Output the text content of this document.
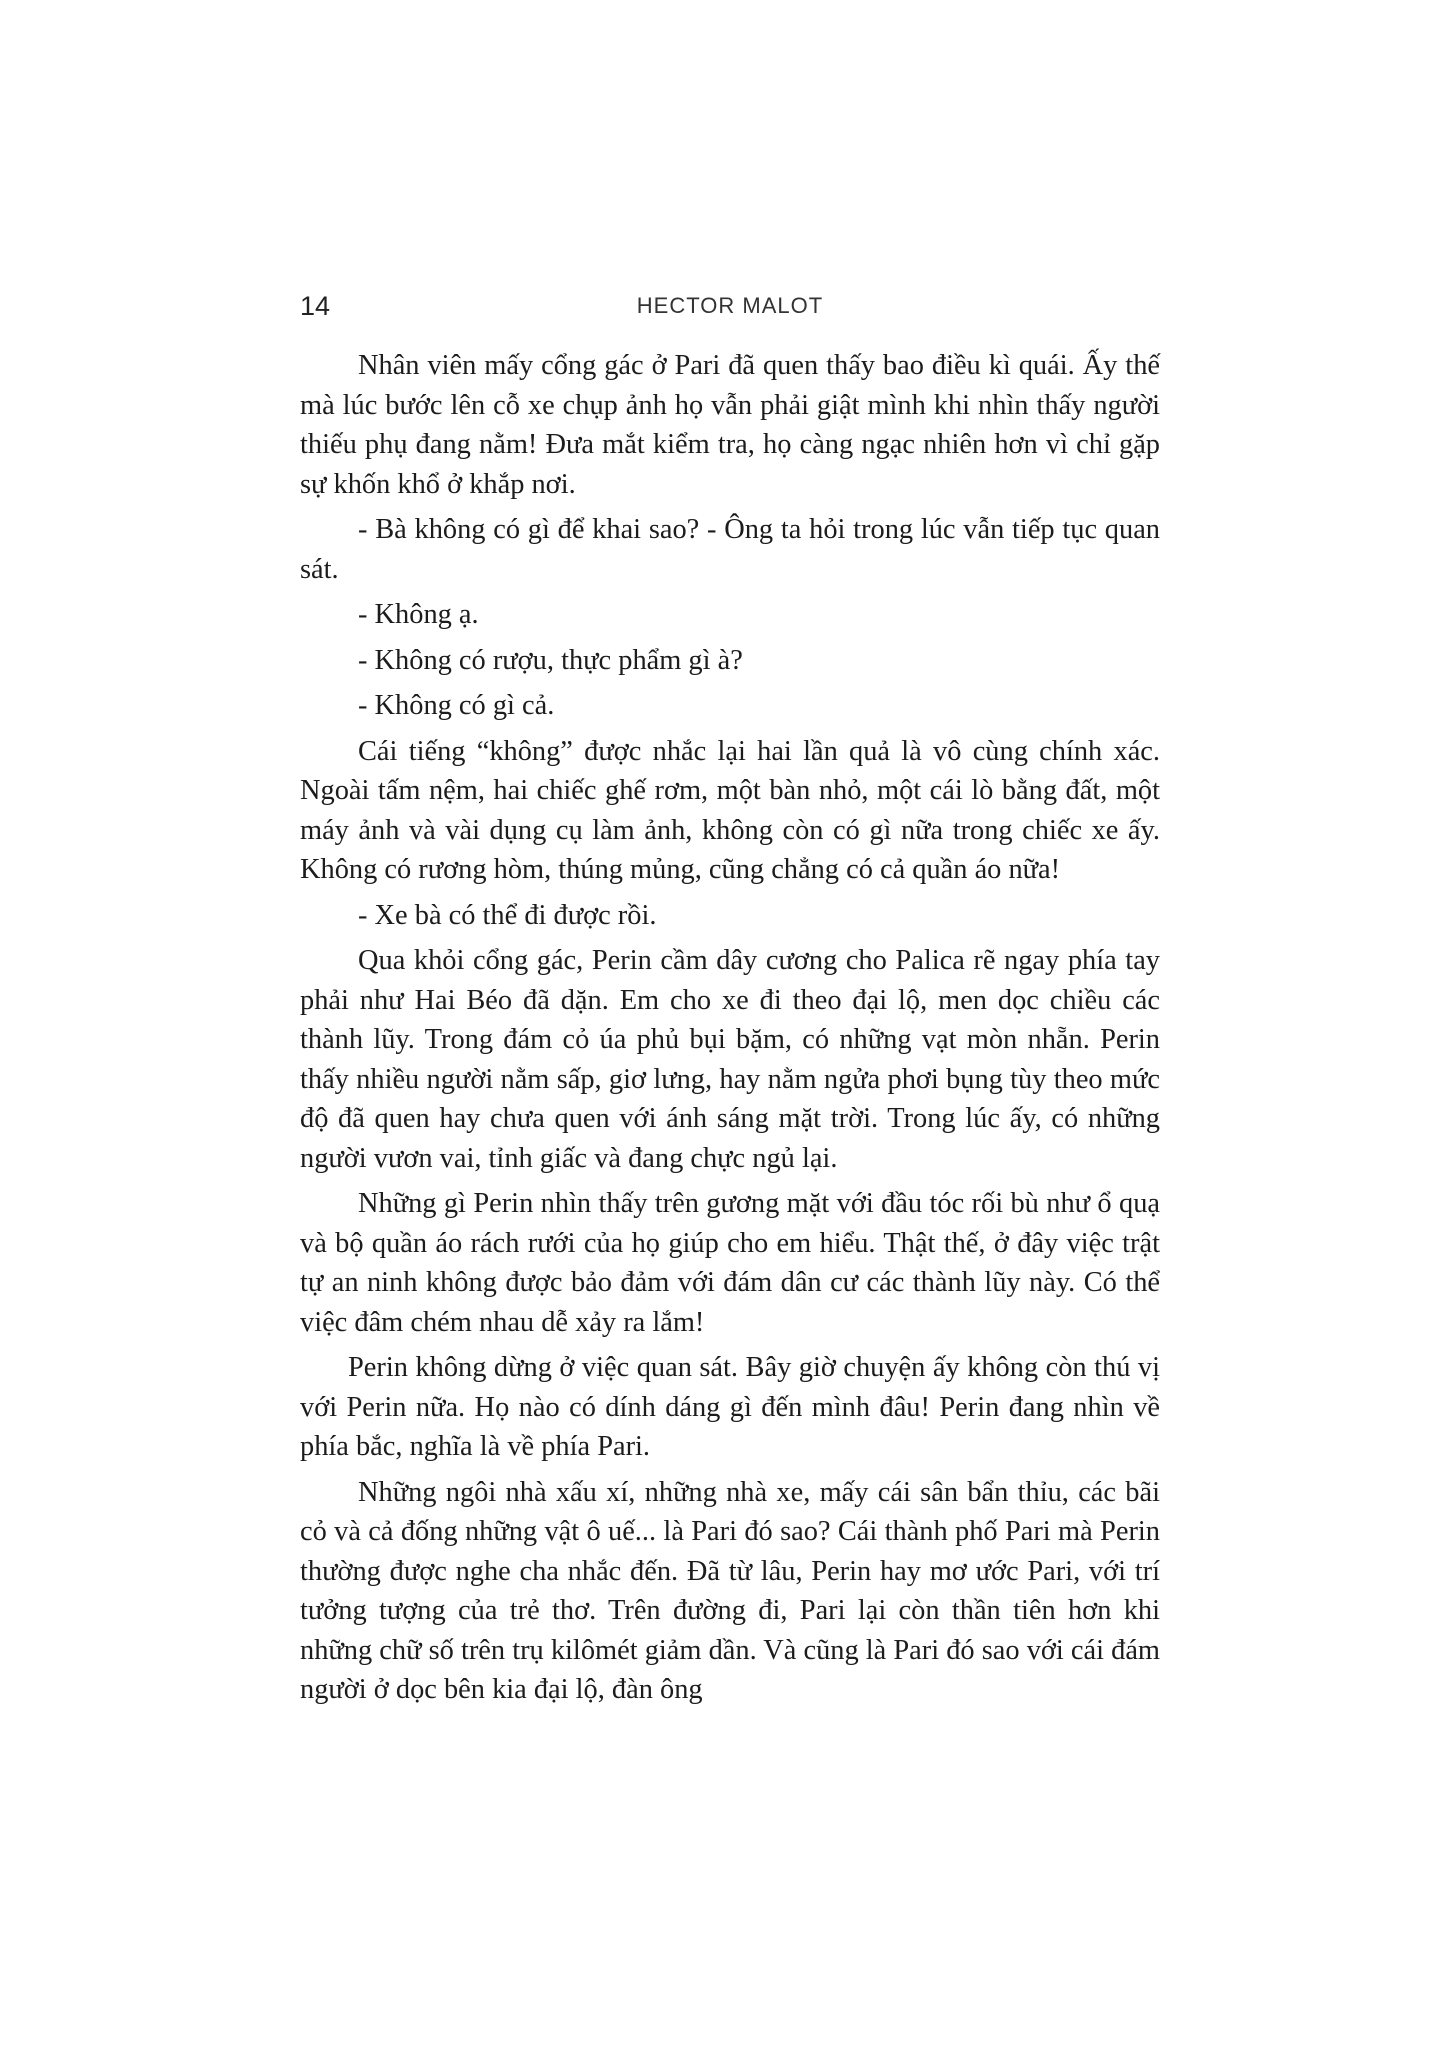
14	HECTOR MALOT

Nhân viên mấy cổng gác ở Pari đã quen thấy bao điều kì quái. Ấy thế mà lúc bước lên cỗ xe chụp ảnh họ vẫn phải giật mình khi nhìn thấy người thiếu phụ đang nằm! Đưa mắt kiểm tra, họ càng ngạc nhiên hơn vì chỉ gặp sự khốn khổ ở khắp nơi.

- Bà không có gì để khai sao? - Ông ta hỏi trong lúc vẫn tiếp tục quan sát.

- Không ạ.

- Không có rượu, thực phẩm gì à?

- Không có gì cả.

Cái tiếng “không” được nhắc lại hai lần quả là vô cùng chính xác. Ngoài tấm nệm, hai chiếc ghế rơm, một bàn nhỏ, một cái lò bằng đất, một máy ảnh và vài dụng cụ làm ảnh, không còn có gì nữa trong chiếc xe ấy. Không có rương hòm, thúng mủng, cũng chẳng có cả quần áo nữa!

- Xe bà có thể đi được rồi.

Qua khỏi cổng gác, Perin cầm dây cương cho Palica rẽ ngay phía tay phải như Hai Béo đã dặn. Em cho xe đi theo đại lộ, men dọc chiều các thành lũy. Trong đám cỏ úa phủ bụi bặm, có những vạt mòn nhẵn. Perin thấy nhiều người nằm sấp, giơ lưng, hay nằm ngửa phơi bụng tùy theo mức độ đã quen hay chưa quen với ánh sáng mặt trời. Trong lúc ấy, có những người vươn vai, tỉnh giấc và đang chực ngủ lại.

Những gì Perin nhìn thấy trên gương mặt với đầu tóc rối bù như ổ quạ và bộ quần áo rách rưới của họ giúp cho em hiểu. Thật thế, ở đây việc trật tự an ninh không được bảo đảm với đám dân cư các thành lũy này. Có thể việc đâm chém nhau dễ xảy ra lắm!

Perin không dừng ở việc quan sát. Bây giờ chuyện ấy không còn thú vị với Perin nữa. Họ nào có dính dáng gì đến mình đâu! Perin đang nhìn về phía bắc, nghĩa là về phía Pari.

Những ngôi nhà xấu xí, những nhà xe, mấy cái sân bẩn thỉu, các bãi cỏ và cả đống những vật ô uế... là Pari đó sao? Cái thành phố Pari mà Perin thường được nghe cha nhắc đến. Đã từ lâu, Perin hay mơ ước Pari, với trí tưởng tượng của trẻ thơ. Trên đường đi, Pari lại còn thần tiên hơn khi những chữ số trên trụ kilômét giảm dần. Và cũng là Pari đó sao với cái đám người ở dọc bên kia đại lộ, đàn ông
